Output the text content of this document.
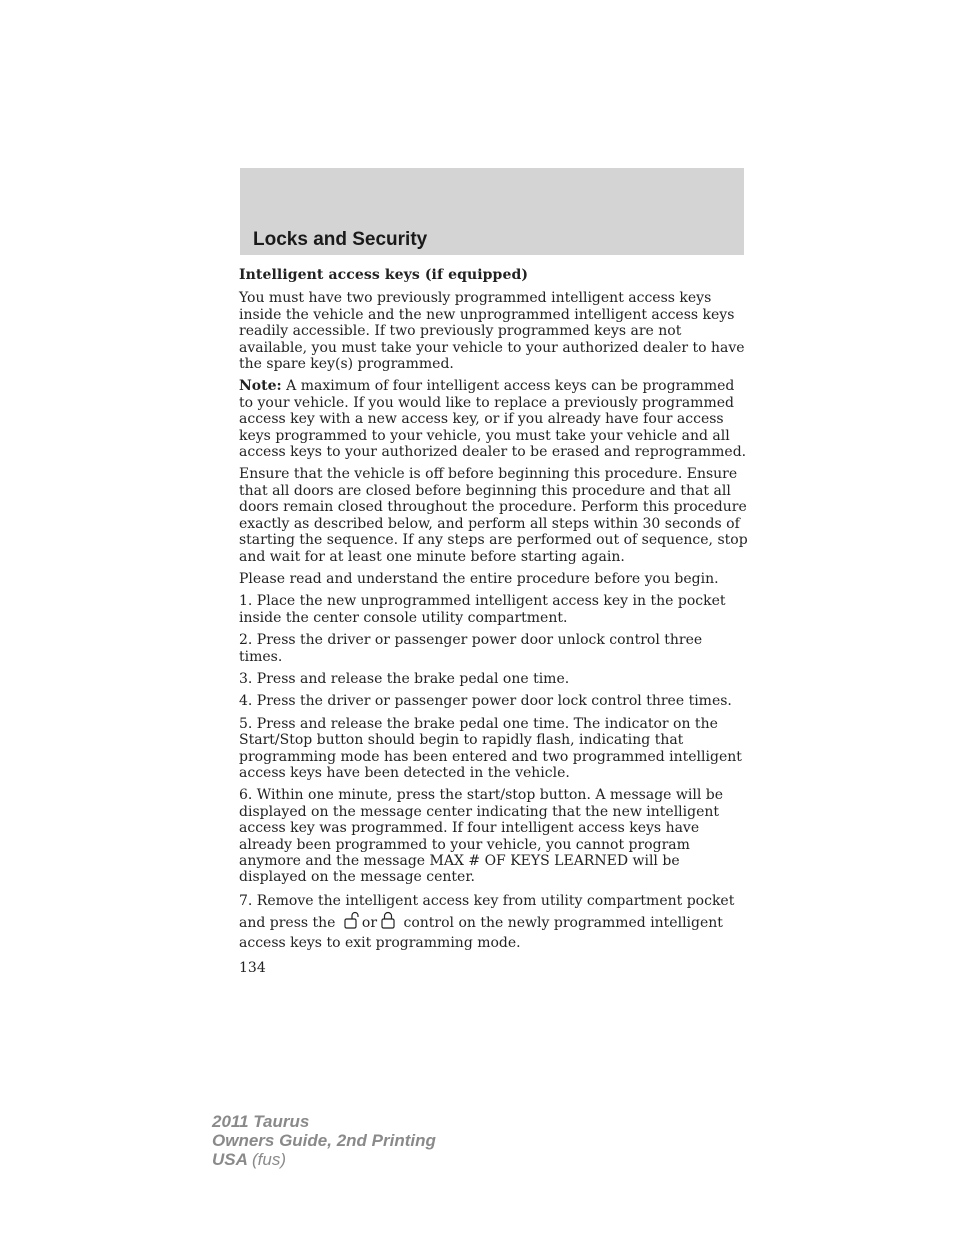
Locks and Security

Intelligent access keys (if equipped)

You must have two previously programmed intelligent access keys inside the vehicle and the new unprogrammed intelligent access keys readily accessible. If two previously programmed keys are not available, you must take your vehicle to your authorized dealer to have the spare key(s) programmed.

Note: A maximum of four intelligent access keys can be programmed to your vehicle. If you would like to replace a previously programmed access key with a new access key, or if you already have four access keys programmed to your vehicle, you must take your vehicle and all access keys to your authorized dealer to be erased and reprogrammed.

Ensure that the vehicle is off before beginning this procedure. Ensure that all doors are closed before beginning this procedure and that all doors remain closed throughout the procedure. Perform this procedure exactly as described below, and perform all steps within 30 seconds of starting the sequence. If any steps are performed out of sequence, stop and wait for at least one minute before starting again.

Please read and understand the entire procedure before you begin.

1. Place the new unprogrammed intelligent access key in the pocket inside the center console utility compartment.

2. Press the driver or passenger power door unlock control three times.

3. Press and release the brake pedal one time.

4. Press the driver or passenger power door lock control three times.

5. Press and release the brake pedal one time. The indicator on the Start/Stop button should begin to rapidly flash, indicating that programming mode has been entered and two programmed intelligent access keys have been detected in the vehicle.

6. Within one minute, press the start/stop button. A message will be displayed on the message center indicating that the new intelligent access key was programmed. If four intelligent access keys have already been programmed to your vehicle, you cannot program anymore and the message MAX # OF KEYS LEARNED will be displayed on the message center.

7. Remove the intelligent access key from utility compartment pocket and press the or control on the newly programmed intelligent access keys to exit programming mode.

134
2011 Taurus
Owners Guide, 2nd Printing
USA (fus)
